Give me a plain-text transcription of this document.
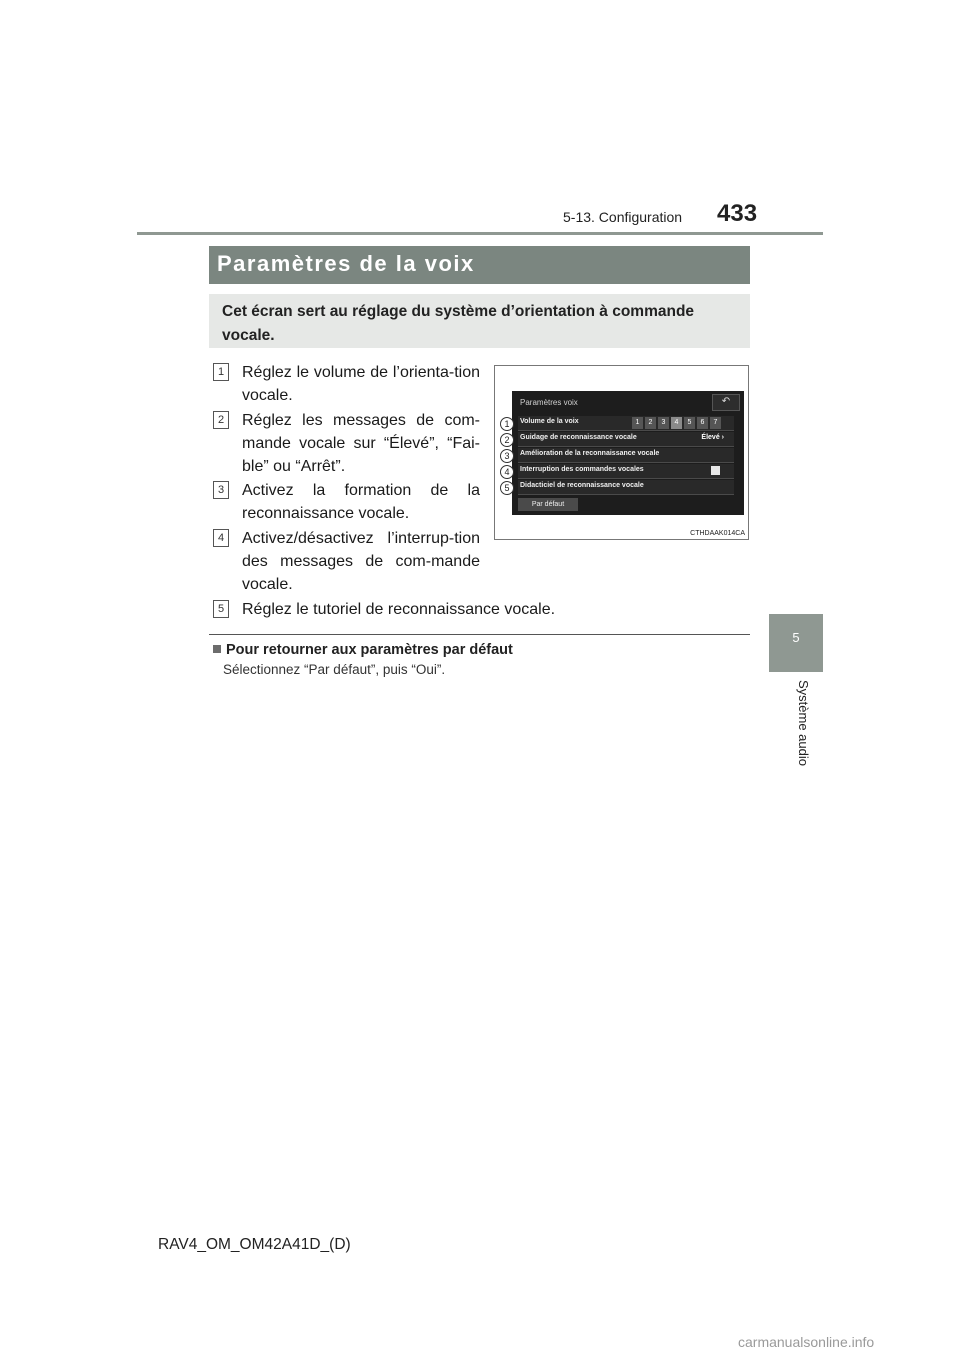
5-13. Configuration 433
5
Système audio
Paramètres de la voix
Cet écran sert au réglage du système d’orientation à commande vocale.
1	Réglez le volume de l’orienta-tion vocale.
2	Réglez les messages de com-mande vocale sur “Élevé”, “Fai-ble” ou “Arrêt”.
3	Activez la formation de la reconnaissance vocale.
4	Activez/désactivez l’interrup-tion des messages de com-mande vocale.
5	Réglez le tutoriel de reconnaissance vocale.
Paramètres voix	↶
Volume de la voix	1	2	3	4	5	6	7
Guidage de reconnaissance vocale	Élevé ›
Amélioration de la reconnaissance vocale
Interruption des commandes vocales
Didacticiel de reconnaissance vocale
Par défaut
1
2
3
4
5
CTHDAAK014CA
Pour retourner aux paramètres par défaut
Sélectionnez “Par défaut”, puis “Oui”.
RAV4_OM_OM42A41D_(D)
carmanualsonline.info
